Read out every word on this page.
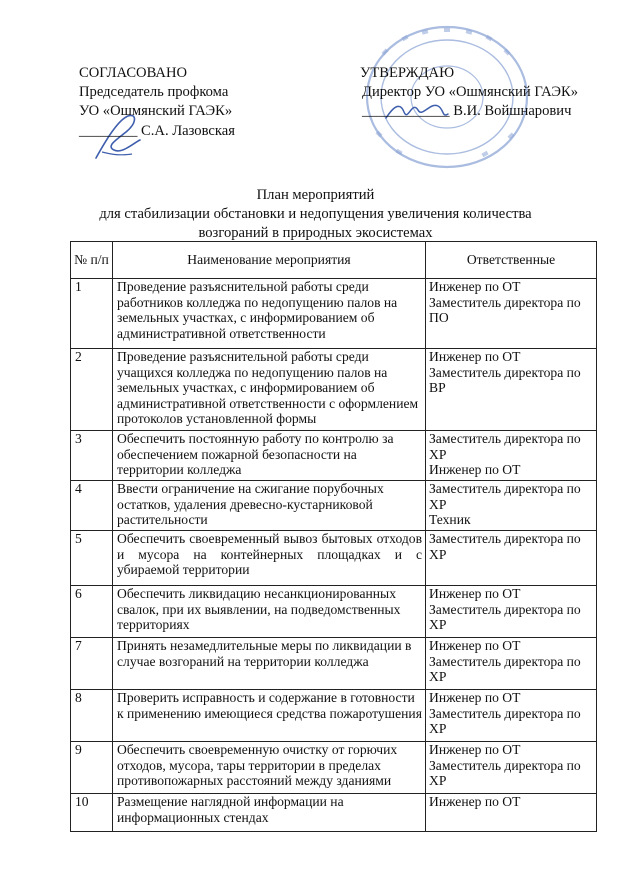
СОГЛАСОВАНО
Председатель профкома
УО «Ошмянский ГАЭК»
________ С.А. Лазовская
УТВЕРЖДАЮ
Директор УО «Ошмянский ГАЭК»
____________ В.И. Войшнарович
План мероприятий
для стабилизации обстановки и недопущения увеличения количества
возгораний в природных экосистемах
№ п/п	Наименование мероприятия	Ответственные
1	Проведение разъяснительной работы среди работников колледжа по недопущению палов на земельных участках, с информированием об административной ответственности	Инженер по ОТ
Заместитель директора по ПО

2	Проведение разъяснительной работы среди учащихся колледжа по недопущению палов на земельных участках, с информированием об административной ответственности с оформлением протоколов установленной формы	Инженер по ОТ
Заместитель директора по ВР

3	Обеспечить постоянную работу по контролю за обеспечением пожарной безопасности на территории колледжа	Заместитель директора по ХР
Инженер по ОТ

4	Ввести ограничение на сжигание порубочных остатков, удаления древесно-кустарниковой растительности	Заместитель директора по ХР
Техник

5	Обеспечить своевременный вывоз бытовых отходов и мусора на контейнерных площадках и с убираемой территории	Заместитель директора по ХР

6	Обеспечить ликвидацию несанкционированных свалок, при их выявлении, на подведомственных территориях	Инженер по ОТ
Заместитель директора по ХР

7	Принять незамедлительные меры по ликвидации в случае возгораний на территории колледжа	Инженер по ОТ
Заместитель директора по ХР

8	Проверить исправность и содержание в готовности к применению имеющиеся средства пожаротушения	Инженер по ОТ
Заместитель директора по ХР

9	Обеспечить своевременную очистку от горючих отходов, мусора, тары территории в пределах противопожарных расстояний между зданиями	Инженер по ОТ
Заместитель директора по ХР

10	Размещение наглядной информации на информационных стендах	Инженер по ОТ
